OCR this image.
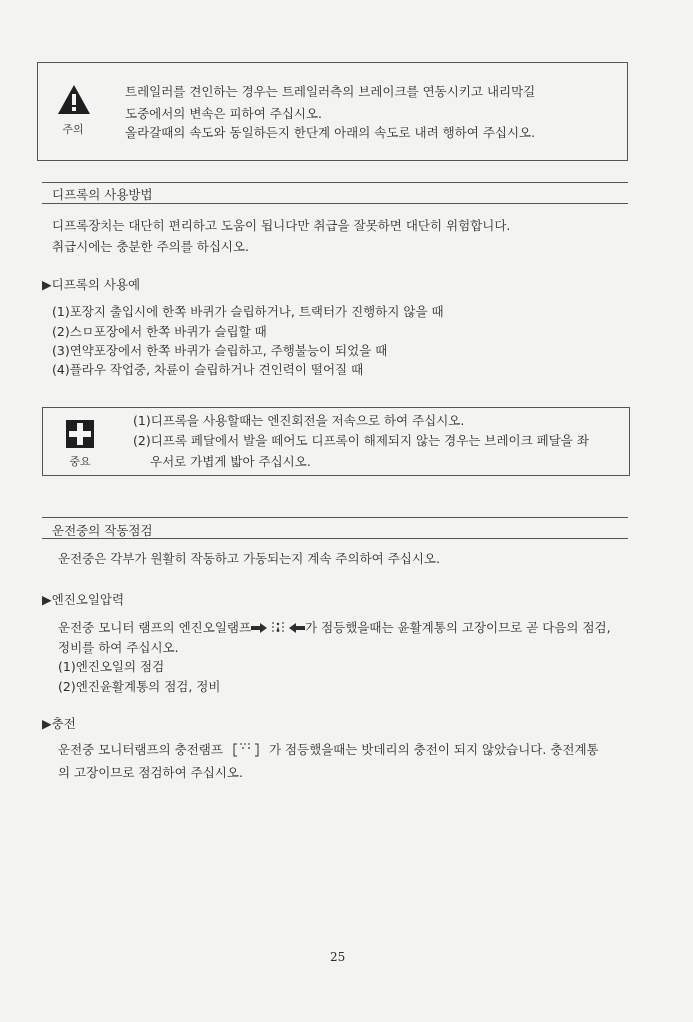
주의
트레일러를 견인하는 경우는 트레일러측의 브레이크를 연동시키고 내리막길
도중에서의 변속은 피하여 주십시오.
올라갈때의 속도와 동일하든지 한단계 아래의 속도로 내려 행하여 주십시오.
디프록의 사용방법
디프록장치는 대단히 편리하고 도움이 됩니다만 취급을 잘못하면 대단히 위험합니다.
취급시에는 충분한 주의를 하십시오.
▶디프록의 사용예
(1)포장지 출입시에 한쪽 바퀴가 슬립하거나, 트랙터가 진행하지 않을 때
(2)스ㅁ포장에서 한쪽 바퀴가 슬립할 때
(3)연약포장에서 한쪽 바퀴가 슬립하고, 주행불능이 되었을 때
(4)플라우 작업중, 차륜이 슬립하거나 견인력이 떨어질 때
중요
(1)디프록을 사용할때는 엔진회전을 저속으로 하여 주십시오.
(2)디프록 페달에서 발을 떼어도 디프록이 해제되지 않는 경우는 브레이크 페달을 좌
우서로 가볍게 밟아 주십시오.
운전중의 작동점검
운전중은 각부가 원활히 작동하고 가동되는지 계속 주의하여 주십시오.
▶엔진오일압력
운전중 모니터 램프의 엔진오일램프	가 점등했을때는 윤활계통의 고장이므로 곧 다음의 점검,
정비를 하여 주십시오.
(1)엔진오일의 점검
(2)엔진윤활계통의 점검, 정비
▶충전
운전중 모니터램프의 충전램프	가 점등했을때는 밧데리의 충전이 되지 않았습니다. 충전계통
의 고장이므로 점검하여 주십시오.
25
